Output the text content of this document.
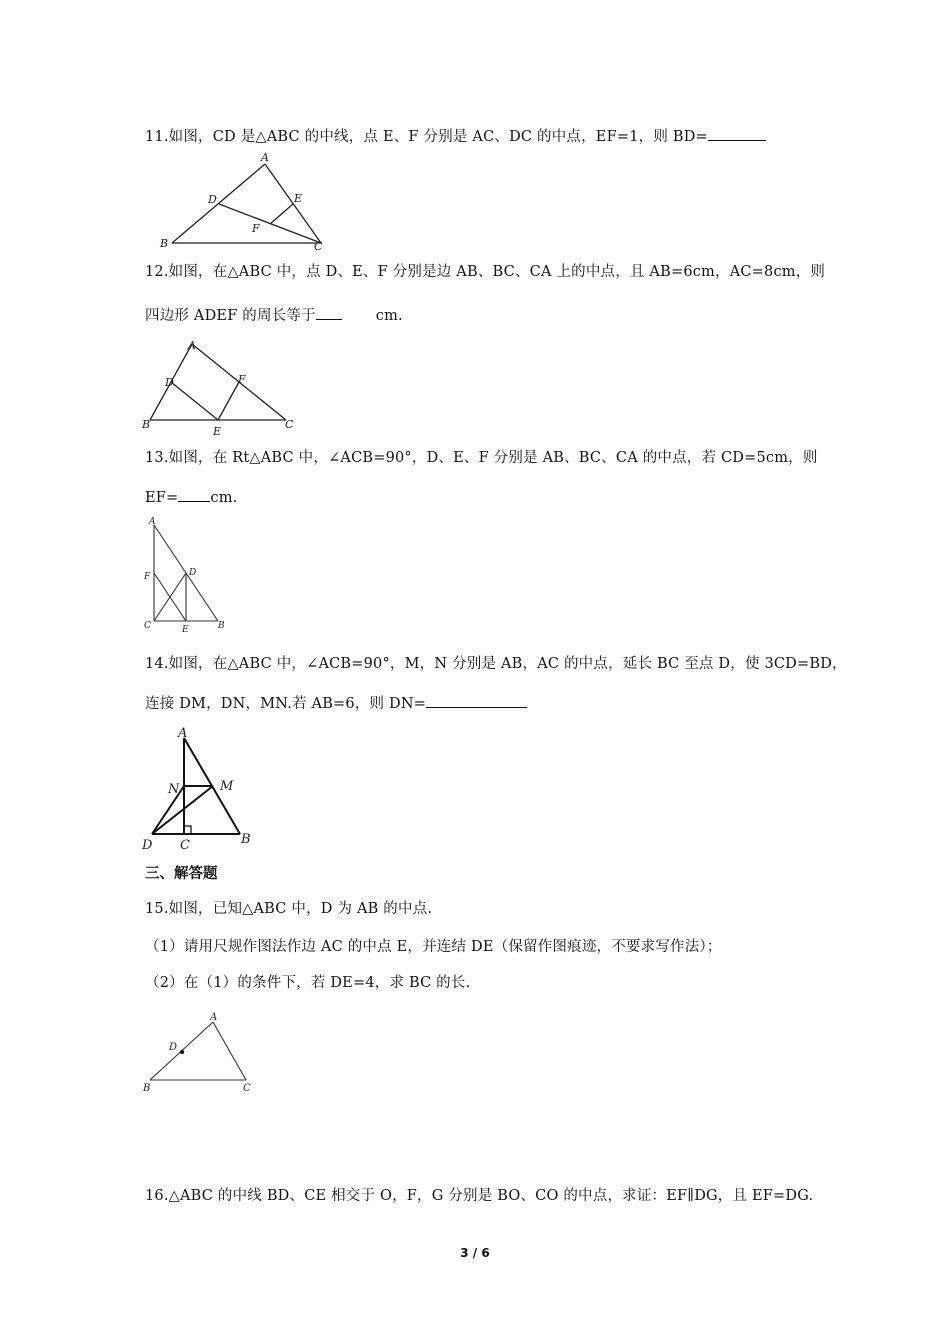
11.如图，CD 是△ABC 的中线，点 E、F 分别是 AC、DC 的中点，EF=1，则 BD=
A
B	C
D	E
F
12.如图，在△ABC 中，点 D、E、F 分别是边 AB、BC、CA 上的中点，且 AB=6cm，AC=8cm，则
四边形 ADEF 的周长等于	cm.
A
B	C
D
E
F
13.如图，在 Rt△ABC 中，∠ACB=90°，D、E、F 分别是 AB、BC、CA 的中点，若 CD=5cm，则
EF= cm.
A
B
C
D
E
F
14.如图，在△ABC 中，∠ACB=90°，M，N 分别是 AB，AC 的中点，延长 BC 至点 D，使 3CD=BD，
连接 DM，DN，MN.若 AB=6，则 DN=
A
B
C
D
M
N
三、解答题
15.如图，已知△ABC 中，D 为 AB 的中点.
（1）请用尺规作图法作边 AC 的中点 E，并连结 DE（保留作图痕迹，不要求写作法）；
（2）在（1）的条件下，若 DE=4，求 BC 的长.
A
B	C
D
16.△ABC 的中线 BD、CE 相交于 O，F，G 分别是 BO、CO 的中点，求证：EF∥DG，且 EF=DG.
3 / 6
